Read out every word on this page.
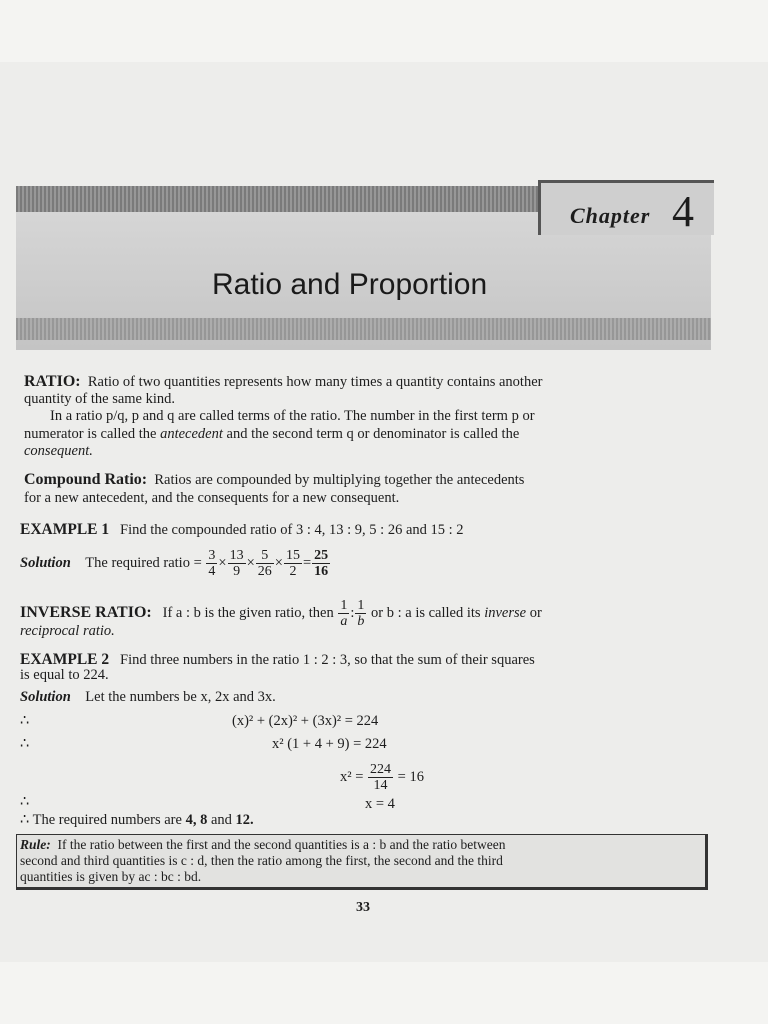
Chapter 4
Ratio and Proportion
RATIO: Ratio of two quantities represents how many times a quantity contains another
quantity of the same kind.
In a ratio p/q, p and q are called terms of the ratio. The number in the first term p or
numerator is called the antecedent and the second term q or denominator is called the
consequent.
Compound Ratio: Ratios are compounded by multiplying together the antecedents
for a new antecedent, and the consequents for a new consequent.
EXAMPLE 1 Find the compounded ratio of 3 : 4, 13 : 9, 5 : 26 and 15 : 2
Solution The required ratio = $\frac{3}{4} \times \frac{13}{9} \times \frac{5}{26} \times \frac{15}{2} = \frac{25}{16}$
INVERSE RATIO: If a : b is the given ratio, then $\frac{1}{a}$ : $\frac{1}{b}$ or b : a is called its inverse or
reciprocal ratio.
EXAMPLE 2 Find three numbers in the ratio 1 : 2 : 3, so that the sum of their squares
is equal to 224.
Solution Let the numbers be x, 2x and 3x.
∴	(x)² + (2x)² + (3x)² = 224
∴	x² (1 + 4 + 9) = 224
$x^2 = \frac{224}{14} = 16$
∴	x = 4
∴ The required numbers are 4, 8 and 12.
Rule: If the ratio between the first and the second quantities is a : b and the ratio between
second and third quantities is c : d, then the ratio among the first, the second and the third
quantities is given by ac : bc : bd.
33
